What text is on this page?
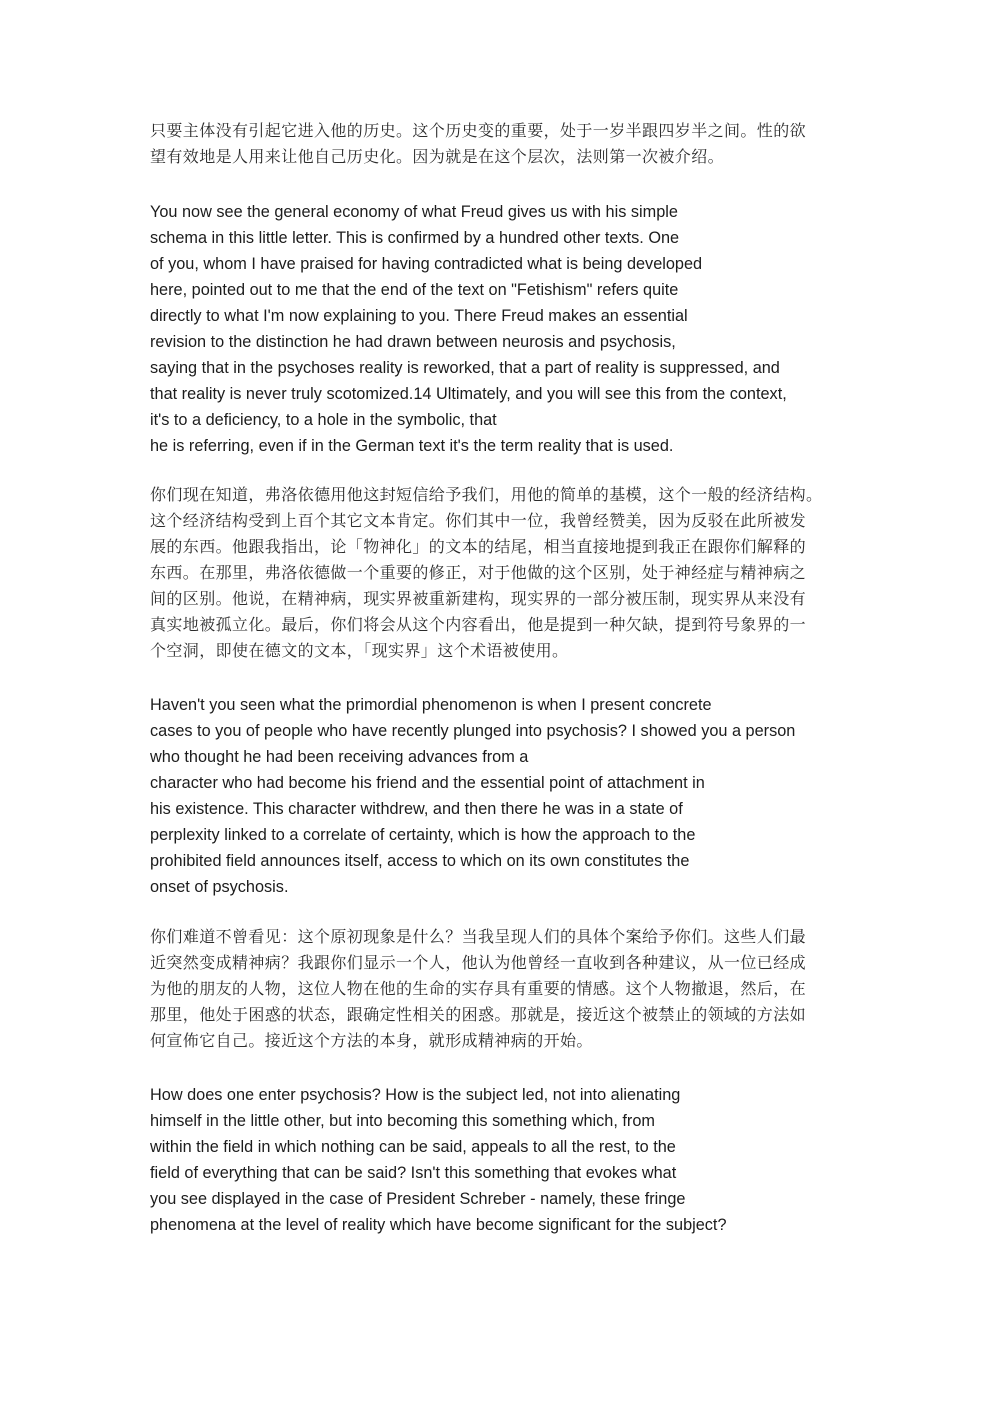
只要主体没有引起它进入他的历史。这个历史变的重要，处于一岁半跟四岁半之间。性的欲
望有效地是人用来让他自己历史化。因为就是在这个层次，法则第一次被介绍。
You now see the general economy of what Freud gives us with his simple
schema in this little letter. This is confirmed by a hundred other texts. One
of you, whom I have praised for having contradicted what is being developed
here, pointed out to me that the end of the text on "Fetishism" refers quite
directly to what I'm now explaining to you. There Freud makes an essential
revision to the distinction he had drawn between neurosis and psychosis,
saying that in the psychoses reality is reworked, that a part of reality is suppressed, and
that reality is never truly scotomized.14 Ultimately, and you will see this from the context,
it's to a deficiency, to a hole in the symbolic, that
he is referring, even if in the German text it's the term reality that is used.
你们现在知道，弗洛依德用他这封短信给予我们，用他的简单的基模，这个一般的经济结构。
这个经济结构受到上百个其它文本肯定。你们其中一位，我曾经赞美，因为反驳在此所被发
展的东西。他跟我指出，论「物神化」的文本的结尾，相当直接地提到我正在跟你们解释的
东西。在那里，弗洛依德做一个重要的修正，对于他做的这个区别，处于神经症与精神病之
间的区别。他说，在精神病，现实界被重新建构，现实界的一部分被压制，现实界从来没有
真实地被孤立化。最后，你们将会从这个内容看出，他是提到一种欠缺，提到符号象界的一
个空洞，即使在德文的文本，「现实界」这个术语被使用。
Haven't you seen what the primordial phenomenon is when I present concrete
cases to you of people who have recently plunged into psychosis? I showed you a person
who thought he had been receiving advances from a
character who had become his friend and the essential point of attachment in
his existence. This character withdrew, and then there he was in a state of
perplexity linked to a correlate of certainty, which is how the approach to the
prohibited field announces itself, access to which on its own constitutes the
onset of psychosis.
你们难道不曾看见：这个原初现象是什么？当我呈现人们的具体个案给予你们。这些人们最
近突然变成精神病？我跟你们显示一个人，他认为他曾经一直收到各种建议，从一位已经成
为他的朋友的人物，这位人物在他的生命的实存具有重要的情感。这个人物撤退，然后，在
那里，他处于困惑的状态，跟确定性相关的困惑。那就是，接近这个被禁止的领域的方法如
何宣佈它自己。接近这个方法的本身，就形成精神病的开始。
How does one enter psychosis? How is the subject led, not into alienating
himself in the little other, but into becoming this something which, from
within the field in which nothing can be said, appeals to all the rest, to the
field of everything that can be said? Isn't this something that evokes what
you see displayed in the case of President Schreber - namely, these fringe
phenomena at the level of reality which have become significant for the subject?
